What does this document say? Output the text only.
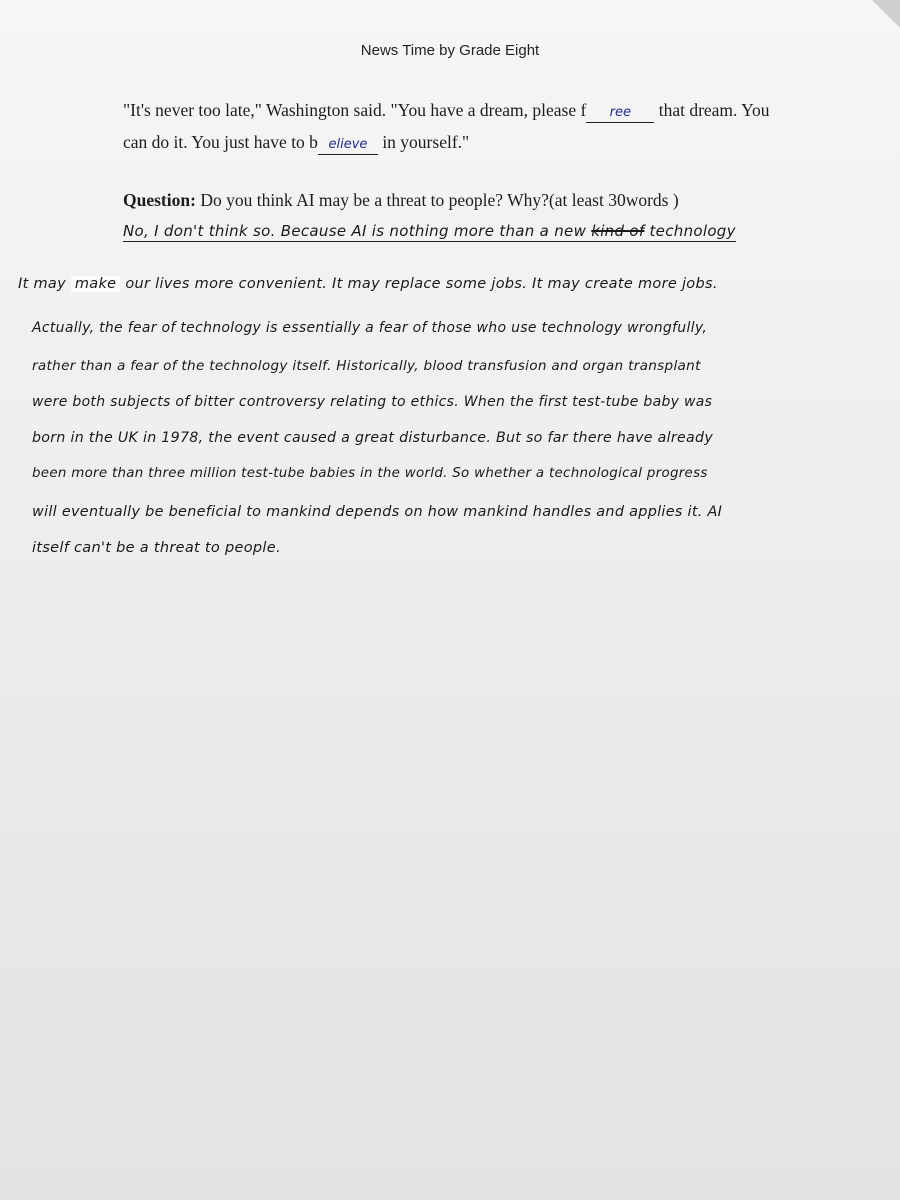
News Time by Grade Eight
"It's never too late," Washington said. "You have a dream, please f ree that dream. You
can do it. You just have to b elieve in yourself."
Question: Do you think AI may be a threat to people? Why?(at least 30words )
No, I don't think so. Because AI is nothing more than a new kind of technology
It may make our lives more convenient. It may replace some jobs. It may create more jobs.
Actually, the fear of technology is essentially a fear of those who use technology wrongfully,
rather than a fear of the technology itself. Historically, blood transfusion and organ transplant
were both subjects of bitter controversy relating to ethics. When the first test-tube baby was
born in the UK in 1978, the event caused a great disturbance. But so far there have already
been more than three million test-tube babies in the world. So whether a technological progress
will eventually be beneficial to mankind depends on how mankind handles and applies it. AI
itself can't be a threat to people.
